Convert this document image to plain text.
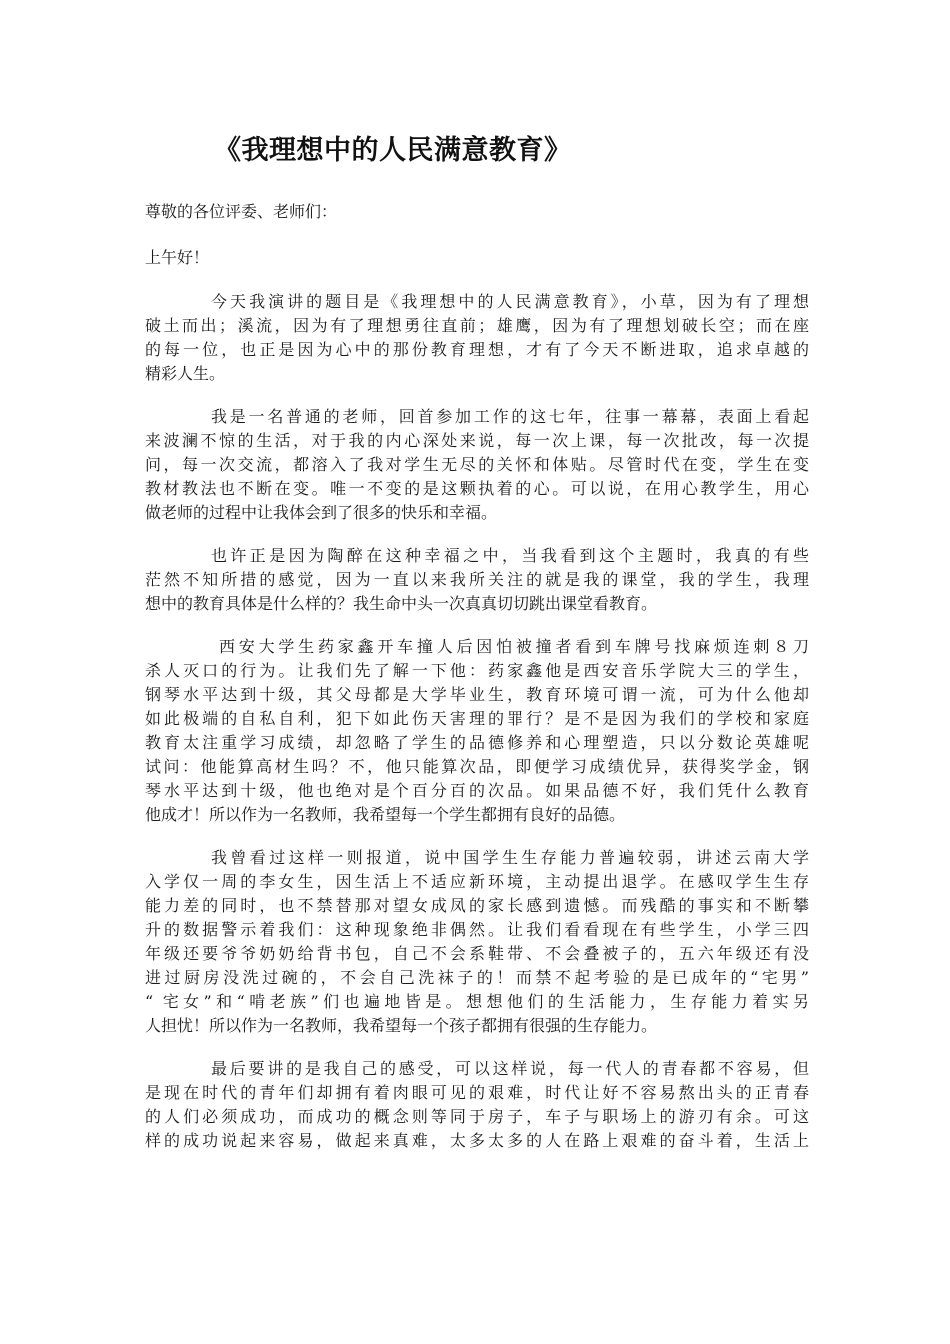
《我理想中的人民满意教育》
尊敬的各位评委、老师们：
上午好！
今天我演讲的题目是《我理想中的人民满意教育》，小草，因为有了理想
破土而出；溪流，因为有了理想勇往直前；雄鹰，因为有了理想划破长空；而在座
的每一位，也正是因为心中的那份教育理想，才有了今天不断进取，追求卓越的
精彩人生。
我是一名普通的老师，回首参加工作的这七年，往事一幕幕，表面上看起
来波澜不惊的生活，对于我的内心深处来说，每一次上课，每一次批改，每一次提
问，每一次交流，都溶入了我对学生无尽的关怀和体贴。尽管时代在变，学生在变
教材教法也不断在变。唯一不变的是这颗执着的心。可以说，在用心教学生，用心
做老师的过程中让我体会到了很多的快乐和幸福。
也许正是因为陶醉在这种幸福之中，当我看到这个主题时，我真的有些
茫然不知所措的感觉，因为一直以来我所关注的就是我的课堂，我的学生，我理
想中的教育具体是什么样的？我生命中头一次真真切切跳出课堂看教育。
西安大学生药家鑫开车撞人后因怕被撞者看到车牌号找麻烦连刺８刀
杀人灭口的行为。让我们先了解一下他：药家鑫他是西安音乐学院大三的学生，
钢琴水平达到十级，其父母都是大学毕业生，教育环境可谓一流，可为什么他却
如此极端的自私自利，犯下如此伤天害理的罪行？是不是因为我们的学校和家庭
教育太注重学习成绩，却忽略了学生的品德修养和心理塑造，只以分数论英雄呢
试问：他能算高材生吗？不，他只能算次品，即便学习成绩优异，获得奖学金，钢
琴水平达到十级，他也绝对是个百分百的次品。如果品德不好，我们凭什么教育
他成才！所以作为一名教师，我希望每一个学生都拥有良好的品德。
我曾看过这样一则报道，说中国学生生存能力普遍较弱，讲述云南大学
入学仅一周的李女生，因生活上不适应新环境，主动提出退学。在感叹学生生存
能力差的同时，也不禁替那对望女成凤的家长感到遗憾。而残酷的事实和不断攀
升的数据警示着我们：这种现象绝非偶然。让我们看看现在有些学生，小学三四
年级还要爷爷奶奶给背书包，自己不会系鞋带、不会叠被子的，五六年级还有没
进过厨房没洗过碗的，不会自己洗袜子的！而禁不起考验的是已成年的“宅男”
“ 宅女”和“啃老族”们也遍地皆是。想想他们的生活能力，生存能力着实另
人担忧！所以作为一名教师，我希望每一个孩子都拥有很强的生存能力。
最后要讲的是我自己的感受，可以这样说，每一代人的青春都不容易，但
是现在时代的青年们却拥有着肉眼可见的艰难，时代让好不容易熬出头的正青春
的人们必须成功，而成功的概念则等同于房子，车子与职场上的游刃有余。可这
样的成功说起来容易，做起来真难，太多太多的人在路上艰难的奋斗着，生活上
